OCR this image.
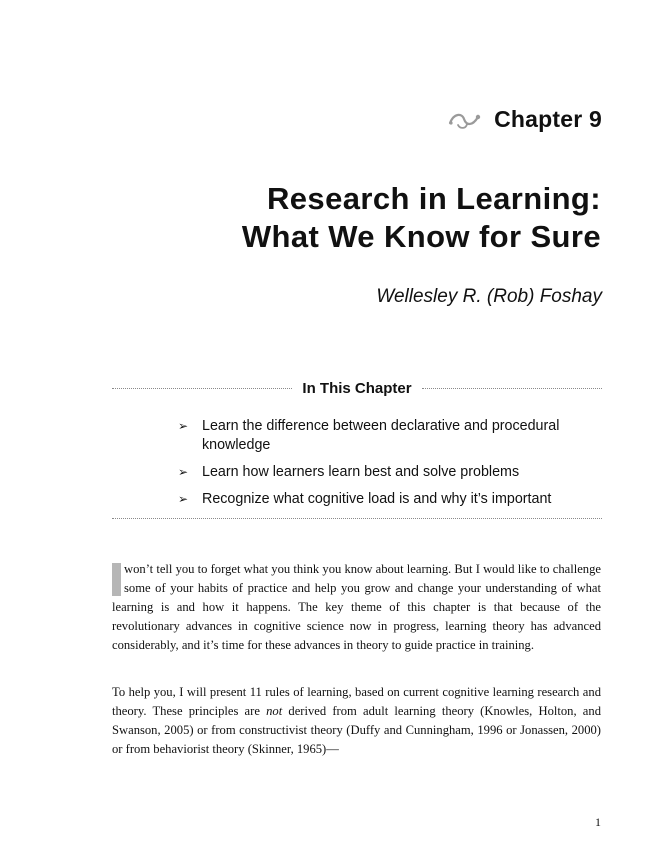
Chapter 9
Research in Learning:
What We Know for Sure
Wellesley R. (Rob) Foshay
In This Chapter
➢ Learn the difference between declarative and procedural knowledge
➢ Learn how learners learn best and solve problems
➢ Recognize what cognitive load is and why it’s important

won’t tell you to forget what you think you know about learning. But I would like to challenge some of your habits of practice and help you grow and change your understanding of what learning is and how it happens. The key theme of this chapter is that because of the revolutionary advances in cognitive science now in progress, learning theory has advanced considerably, and it’s time for these advances in theory to guide practice in training.

To help you, I will present 11 rules of learning, based on current cognitive learning research and theory. These principles are not derived from adult learning theory (Knowles, Holton, and Swanson, 2005) or from constructivist theory (Duffy and Cunningham, 1996 or Jonassen, 2000) or from behaviorist theory (Skinner, 1965)—

1
